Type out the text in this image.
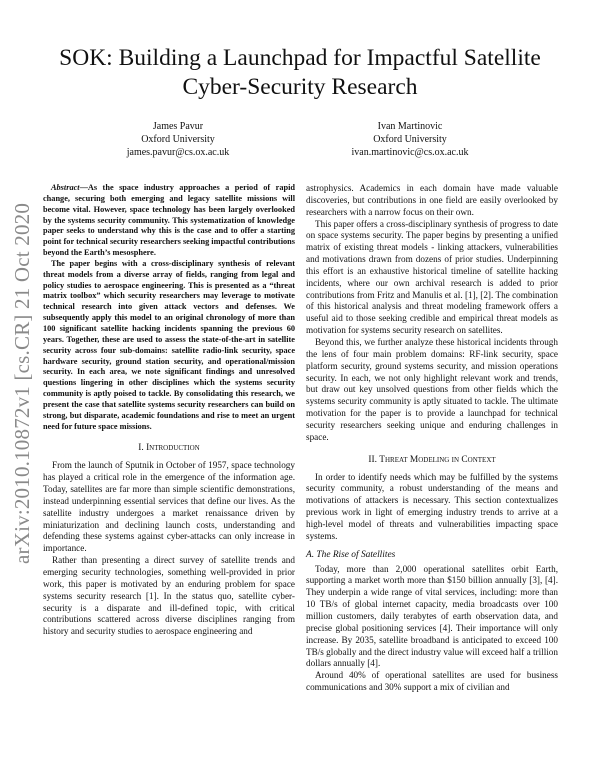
arXiv:2010.10872v1 [cs.CR] 21 Oct 2020
SOK: Building a Launchpad for Impactful Satellite
Cyber-Security Research
James Pavur
Oxford University
james.pavur@cs.ox.ac.uk
Ivan Martinovic
Oxford University
ivan.martinovic@cs.ox.ac.uk

Abstract—As the space industry approaches a period of rapid change, securing both emerging and legacy satellite missions will become vital. However, space technology has been largely overlooked by the systems security community. This systematization of knowledge paper seeks to understand why this is the case and to offer a starting point for technical security researchers seeking impactful contributions beyond the Earth’s mesosphere.

The paper begins with a cross-disciplinary synthesis of relevant threat models from a diverse array of fields, ranging from legal and policy studies to aerospace engineering. This is presented as a “threat matrix toolbox” which security researchers may leverage to motivate technical research into given attack vectors and defenses. We subsequently apply this model to an original chronology of more than 100 significant satellite hacking incidents spanning the previous 60 years. Together, these are used to assess the state-of-the-art in satellite security across four sub-domains: satellite radio-link security, space hardware security, ground station security, and operational/mission security. In each area, we note significant findings and unresolved questions lingering in other disciplines which the systems security community is aptly poised to tackle. By consolidating this research, we present the case that satellite systems security researchers can build on strong, but disparate, academic foundations and rise to meet an urgent need for future space missions.

I. Introduction

From the launch of Sputnik in October of 1957, space technology has played a critical role in the emergence of the information age. Today, satellites are far more than simple scientific demonstrations, instead underpinning essential services that define our lives. As the satellite industry undergoes a market renaissance driven by miniaturization and declining launch costs, understanding and defending these systems against cyber-attacks can only increase in importance.

Rather than presenting a direct survey of satellite trends and emerging security technologies, something well-provided in prior work, this paper is motivated by an enduring problem for space systems security research [1]. In the status quo, satellite cyber-security is a disparate and ill-defined topic, with critical contributions scattered across diverse disciplines ranging from history and security studies to aerospace engineering and

astrophysics. Academics in each domain have made valuable discoveries, but contributions in one field are easily overlooked by researchers with a narrow focus on their own.

This paper offers a cross-disciplinary synthesis of progress to date on space systems security. The paper begins by presenting a unified matrix of existing threat models - linking attackers, vulnerabilities and motivations drawn from dozens of prior studies. Underpinning this effort is an exhaustive historical timeline of satellite hacking incidents, where our own archival research is added to prior contributions from Fritz and Manulis et al. [1], [2]. The combination of this historical analysis and threat modeling framework offers a useful aid to those seeking credible and empirical threat models as motivation for systems security research on satellites.

Beyond this, we further analyze these historical incidents through the lens of four main problem domains: RF-link security, space platform security, ground systems security, and mission operations security. In each, we not only highlight relevant work and trends, but draw out key unsolved questions from other fields which the systems security community is aptly situated to tackle. The ultimate motivation for the paper is to provide a launchpad for technical security researchers seeking unique and enduring challenges in space.

II. Threat Modeling in Context

In order to identify needs which may be fulfilled by the systems security community, a robust understanding of the means and motivations of attackers is necessary. This section contextualizes previous work in light of emerging industry trends to arrive at a high-level model of threats and vulnerabilities impacting space systems.

A. The Rise of Satellites

Today, more than 2,000 operational satellites orbit Earth, supporting a market worth more than $150 billion annually [3], [4]. They underpin a wide range of vital services, including: more than 10 TB/s of global internet capacity, media broadcasts over 100 million customers, daily terabytes of earth observation data, and precise global positioning services [4]. Their importance will only increase. By 2035, satellite broadband is anticipated to exceed 100 TB/s globally and the direct industry value will exceed half a trillion dollars annually [4].

Around 40% of operational satellites are used for business communications and 30% support a mix of civilian and
